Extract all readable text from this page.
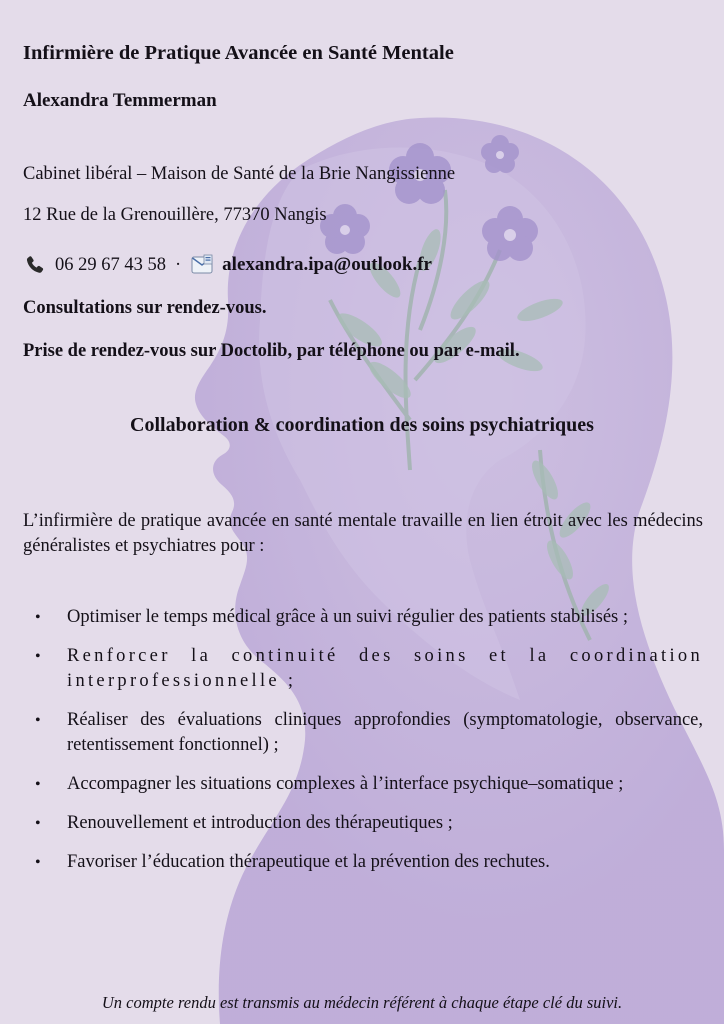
Infirmière de Pratique Avancée en Santé Mentale
Alexandra Temmerman
Cabinet libéral – Maison de Santé de la Brie Nangissienne
12 Rue de la Grenouillère, 77370 Nangis
06 29 67 43 58 · alexandra.ipa@outlook.fr
Consultations sur rendez-vous.
Prise de rendez-vous sur Doctolib, par téléphone ou par e-mail.
Collaboration & coordination des soins psychiatriques
L’infirmière de pratique avancée en santé mentale travaille en lien étroit avec les médecins généralistes et psychiatres pour :
• Optimiser le temps médical grâce à un suivi régulier des patients stabilisés ;
• Renforcer la continuité des soins et la coordination interprofessionnelle ;
• Réaliser des évaluations cliniques approfondies (symptomatologie, observance, retentissement fonctionnel) ;
• Accompagner les situations complexes à l’interface psychique–somatique ;
• Renouvellement et introduction des thérapeutiques ;
• Favoriser l’éducation thérapeutique et la prévention des rechutes.
Un compte rendu est transmis au médecin référent à chaque étape clé du suivi.
